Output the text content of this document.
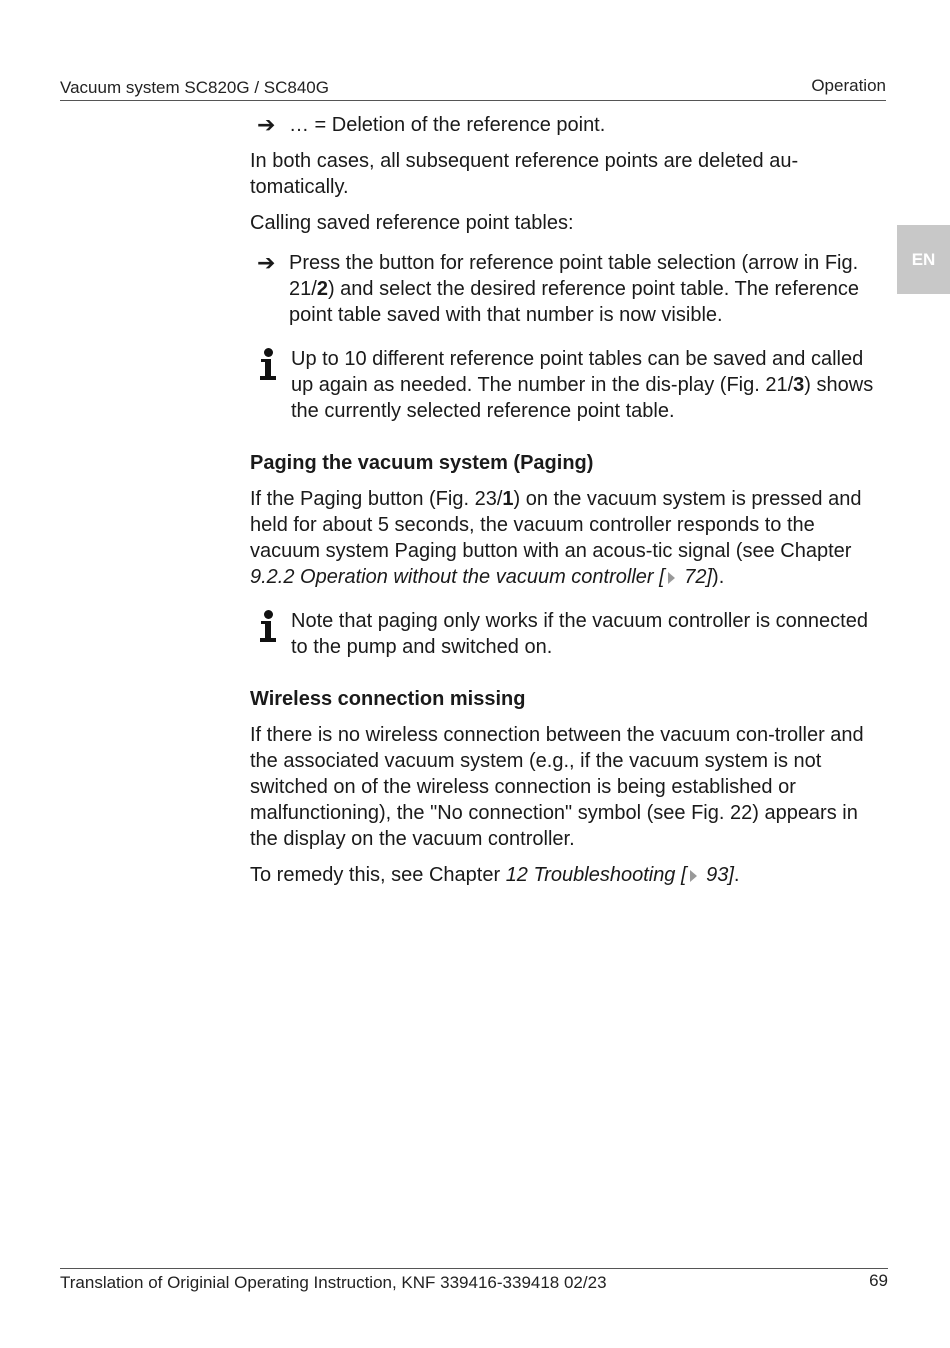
Vacuum system SC820G / SC840G	Operation
EN
➔ … = Deletion of the reference point.

In both cases, all subsequent reference points are deleted au-tomatically.

Calling saved reference point tables:

➔ Press the button for reference point table selection (arrow in Fig. 21/2) and select the desired reference point table. The reference point table saved with that number is now visible.
Up to 10 different reference point tables can be saved and called up again as needed. The number in the dis-play (Fig. 21/3) shows the currently selected reference point table.

Paging the vacuum system (Paging)

If the Paging button (Fig. 23/1) on the vacuum system is pressed and held for about 5 seconds, the vacuum controller responds to the vacuum system Paging button with an acous-tic signal (see Chapter 9.2.2 Operation without the vacuum controller [ 72]).

Note that paging only works if the vacuum controller is connected to the pump and switched on.

Wireless connection missing

If there is no wireless connection between the vacuum con-troller and the associated vacuum system (e.g., if the vacuum system is not switched on of the wireless connection is being established or malfunctioning), the "No connection" symbol (see Fig. 22) appears in the display on the vacuum controller.

To remedy this, see Chapter 12 Troubleshooting [ 93].

Translation of Originial Operating Instruction, KNF 339416-339418 02/23	69
